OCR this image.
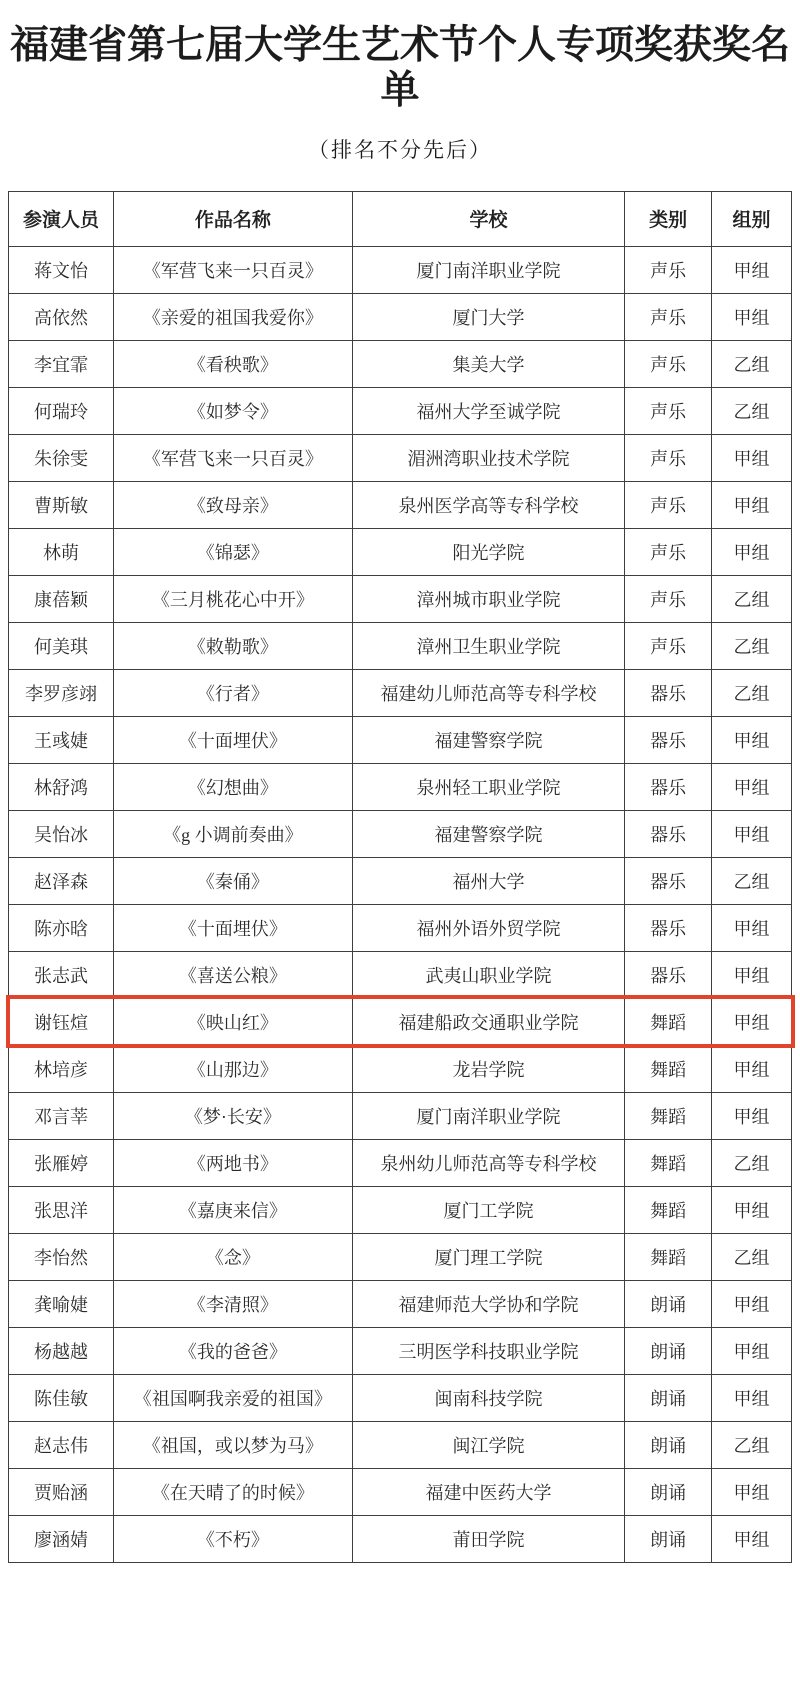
福建省第七届大学生艺术节个人专项奖获奖名单
（排名不分先后）
参演人员	作品名称	学校	类别	组别
蒋文怡	《军营飞来一只百灵》	厦门南洋职业学院	声乐	甲组
高依然	《亲爱的祖国我爱你》	厦门大学	声乐	甲组
李宜霏	《看秧歌》	集美大学	声乐	乙组
何瑞玲	《如梦令》	福州大学至诚学院	声乐	乙组
朱徐雯	《军营飞来一只百灵》	湄洲湾职业技术学院	声乐	甲组
曹斯敏	《致母亲》	泉州医学高等专科学校	声乐	甲组
林萌	《锦瑟》	阳光学院	声乐	甲组
康蓓颖	《三月桃花心中开》	漳州城市职业学院	声乐	乙组
何美琪	《敕勒歌》	漳州卫生职业学院	声乐	乙组
李罗彦翊	《行者》	福建幼儿师范高等专科学校	器乐	乙组
王彧婕	《十面埋伏》	福建警察学院	器乐	甲组
林舒鸿	《幻想曲》	泉州轻工职业学院	器乐	甲组
吴怡冰	《g 小调前奏曲》	福建警察学院	器乐	甲组
赵泽森	《秦俑》	福州大学	器乐	乙组
陈亦晗	《十面埋伏》	福州外语外贸学院	器乐	甲组
张志武	《喜送公粮》	武夷山职业学院	器乐	甲组
谢钰煊	《映山红》	福建船政交通职业学院	舞蹈	甲组
林培彦	《山那边》	龙岩学院	舞蹈	甲组
邓言莘	《梦·长安》	厦门南洋职业学院	舞蹈	甲组
张雁婷	《两地书》	泉州幼儿师范高等专科学校	舞蹈	乙组
张思洋	《嘉庚来信》	厦门工学院	舞蹈	甲组
李怡然	《念》	厦门理工学院	舞蹈	乙组
龚喻婕	《李清照》	福建师范大学协和学院	朗诵	甲组
杨越越	《我的爸爸》	三明医学科技职业学院	朗诵	甲组
陈佳敏	《祖国啊我亲爱的祖国》	闽南科技学院	朗诵	甲组
赵志伟	《祖国，或以梦为马》	闽江学院	朗诵	乙组
贾贻涵	《在天晴了的时候》	福建中医药大学	朗诵	甲组
廖涵婧	《不朽》	莆田学院	朗诵	甲组
